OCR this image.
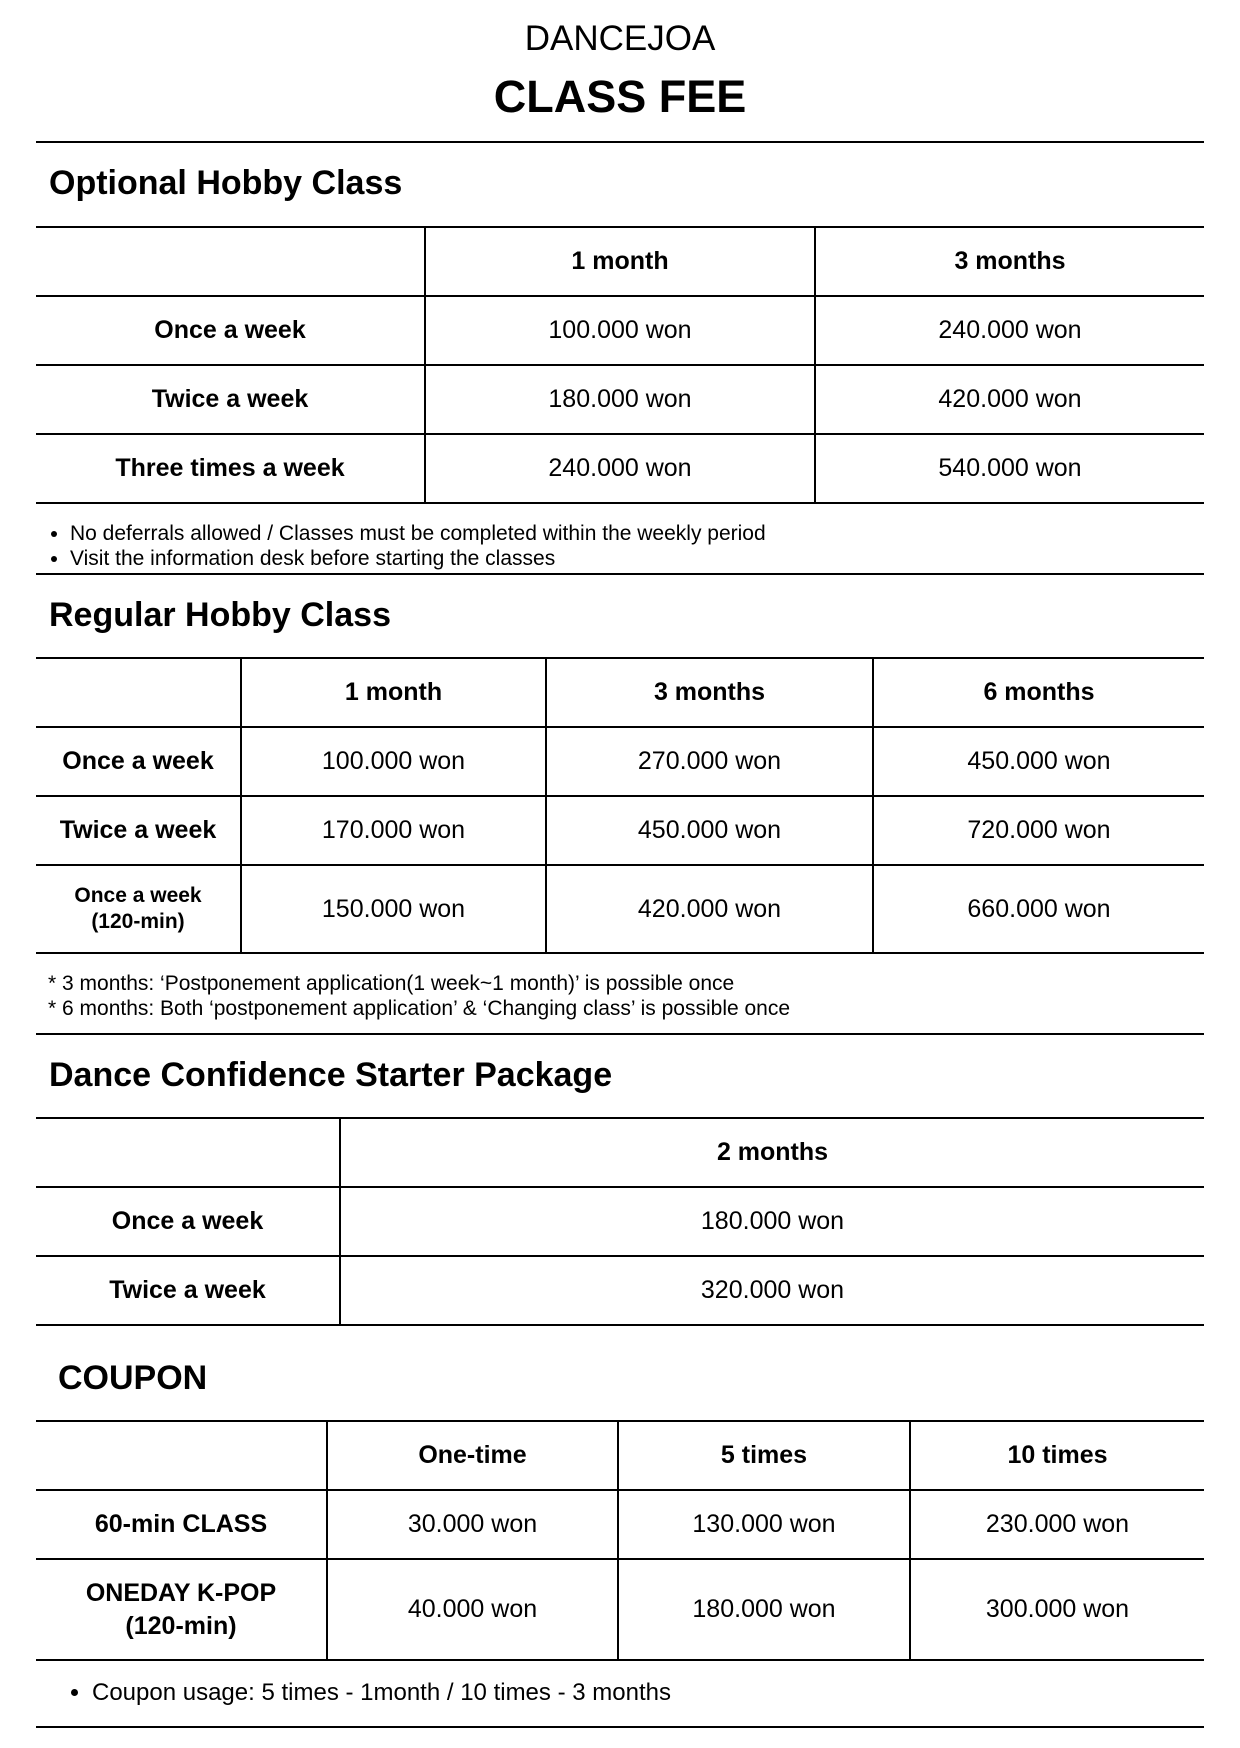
DANCEJOA
CLASS FEE
Optional Hobby Class
	1 month	3 months
Once a week	100.000 won	240.000 won
Twice a week	180.000 won	420.000 won
Three times a week	240.000 won	540.000 won
• No deferrals allowed / Classes must be completed within the weekly period
• Visit the information desk before starting the classes
Regular Hobby Class
	1 month	3 months	6 months
Once a week	100.000 won	270.000 won	450.000 won
Twice a week	170.000 won	450.000 won	720.000 won
Once a week
(120-min)	150.000 won	420.000 won	660.000 won
* 3 months: ‘Postponement application(1 week~1 month)’ is possible once
* 6 months: Both ‘postponement application’ & ‘Changing class’ is possible once
Dance Confidence Starter Package
	2 months
Once a week	180.000 won
Twice a week	320.000 won
COUPON
	One-time	5 times	10 times
60-min CLASS	30.000 won	130.000 won	230.000 won
ONEDAY K-POP
(120-min)	40.000 won	180.000 won	300.000 won
• Coupon usage: 5 times - 1month / 10 times - 3 months
